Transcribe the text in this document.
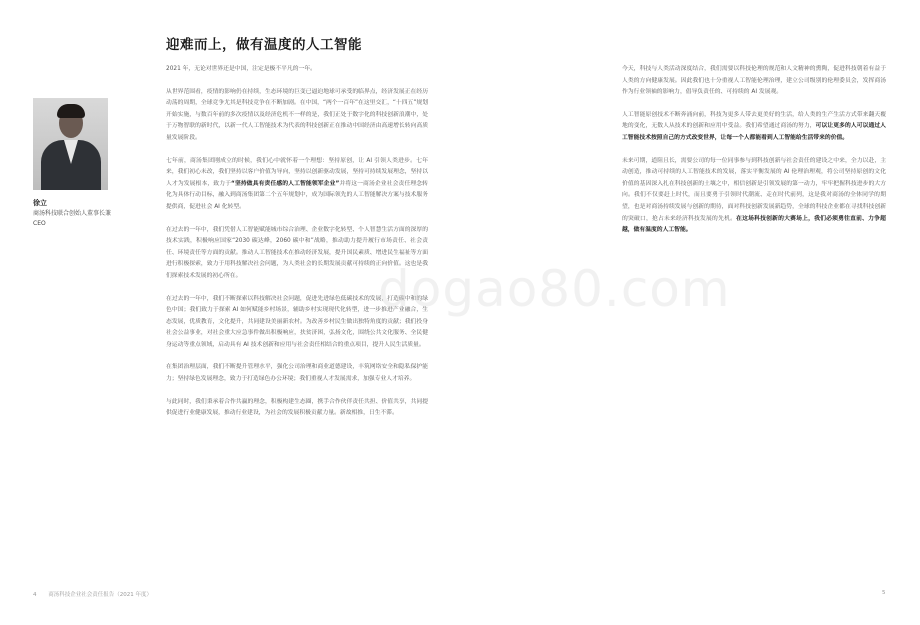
迎难而上，做有温度的人工智能
徐立
商汤科技联合创始人董事长兼 CEO

2021 年，无论对世界还是中国，注定是极不平凡的一年。

从世界范围看，疫情的影响仍在持续，生态环境的巨变已逼迫地球可承受的临界点，经济发展正在经历动荡的周期，全球竞争尤其是科技竞争在不断加剧。在中国，“两个一百年”在这里交汇，“十四五”规划开始实施，与数百年前的多次疫情以及经济危机不一样的是，我们正处于数字化的科技创新浪潮中，处于万物智联的新时代，以新一代人工智能技术为代表的科技创新正在推动中国经济由高速增长转向高质量发展阶段。

七年前，商汤集团刚成立的时候，我们心中就怀着一个理想：坚持原创，让 AI 引领人类进步。七年来，我们初心未改，我们坚持以客户价值为导向，坚持以创新驱动发展，坚持可持续发展理念，坚持以人才为发展根本，致力于“坚持做具有责任感的人工智能领军企业”并将这一商汤企业社会责任理念转化为具体行动目标，融入到商汤集团第二个五年规划中，成为国际领先的人工智能解决方案与技术服务提供商，促进社会 AI 化转型。

在过去的一年中，我们凭借人工智能赋能城市综合治理、企业数字化转型、个人智慧生活方面的深厚的技术实践，积极响应国家“2030 碳达峰，2060 碳中和”战略，推动助力提升履行市场责任、社会责任、环境责任等方面的贡献。推动人工智能技术在推动经济发展，提升国民素质、增进民生福祉等方面进行积极探索，致力于用科技解决社会问题，为人类社会的长期发展贡献可持续的正向价值。这也是我们探索技术发展的初心所在。

在过去的一年中，我们不断探索以科技解决社会问题，促进先进绿色低碳技术的发展，打造碳中和的绿色中国；我们致力于探索 AI 如何赋能乡村场景，辅助乡村实现现代化转型，进一步推进产业融合，生态发展，优质教育，文化提升，共同建设美丽新农村。为改善乡村民生做出独特角度的贡献；我们投身社会公益事业，对社会重大应急事件做出积极响应，扶贫济困，弘扬文化，围绕公共文化服务、全民健身运动等重点领域，启动具有 AI 技术创新和应用与社会责任相结合的重点项目，提升人民生活质量。

在集团治理层面，我们不断提升管理水平，强化公司治理和商业道德建设，丰筑网络安全和隐私保护能力；坚持绿色发展理念，致力于打造绿色办公环境；我们重视人才发展需求，加强专业人才培养。

与此同时，我们秉承着合作共赢的理念，积极构建生态圈，携手合作伙伴责任共担、价值共享，共同提供促进行业健康发展，推动行业建设，为社会的发展积极贡献力量。新故相推，日生不滞。

今天，科技与人类活动深度结合，我们需要以科技伦理的规范和人文精神的熏陶，促进科技朝着有益于人类的方向健康发展。因此我们也十分重视人工智能伦理治理，建立公司级别的伦理委员会，发挥商汤作为行业领袖的影响力，倡导负责任的、可持续的 AI 发展观。

人工智能原创技术不断奔涌向前，科技为更多人带去更美好的生活，给人类的生产生活方式带来翻天覆地的变化，无数人从技术的创新和应用中受益。我们希望通过商汤的努力，可以让更多的人可以通过人工智能技术按照自己的方式改变世界，让每一个人都能看到人工智能给生活带来的价值。

未来可期，道阻且长，需要公司的每一位同事参与到科技创新与社会责任的建设之中来，全力以赴，主动创造，推动可持续的人工智能技术的发展，落实平衡发展的 AI 伦理治理观，将公司坚持原创的文化价值的基因深入扎在科技创新的土壤之中，相信创新是引领发展的第一动力，牢牢把握科技进步的大方向。我们不仅要赶上时代，而且要勇于引领时代潮流、走在时代前列，这是我对商汤的全体同学的期望，也是对商汤持续发展与创新的期待，面对科技创新发展新趋势，全球的科技企业都在寻找科技创新的突破口，抢占未来经济科技发展的先机。在这场科技创新的大赛场上，我们必须勇往直前、力争超越，做有温度的人工智能。

dogao80.com
4 商汤科技企业社会责任报告（2021 年度）	5
